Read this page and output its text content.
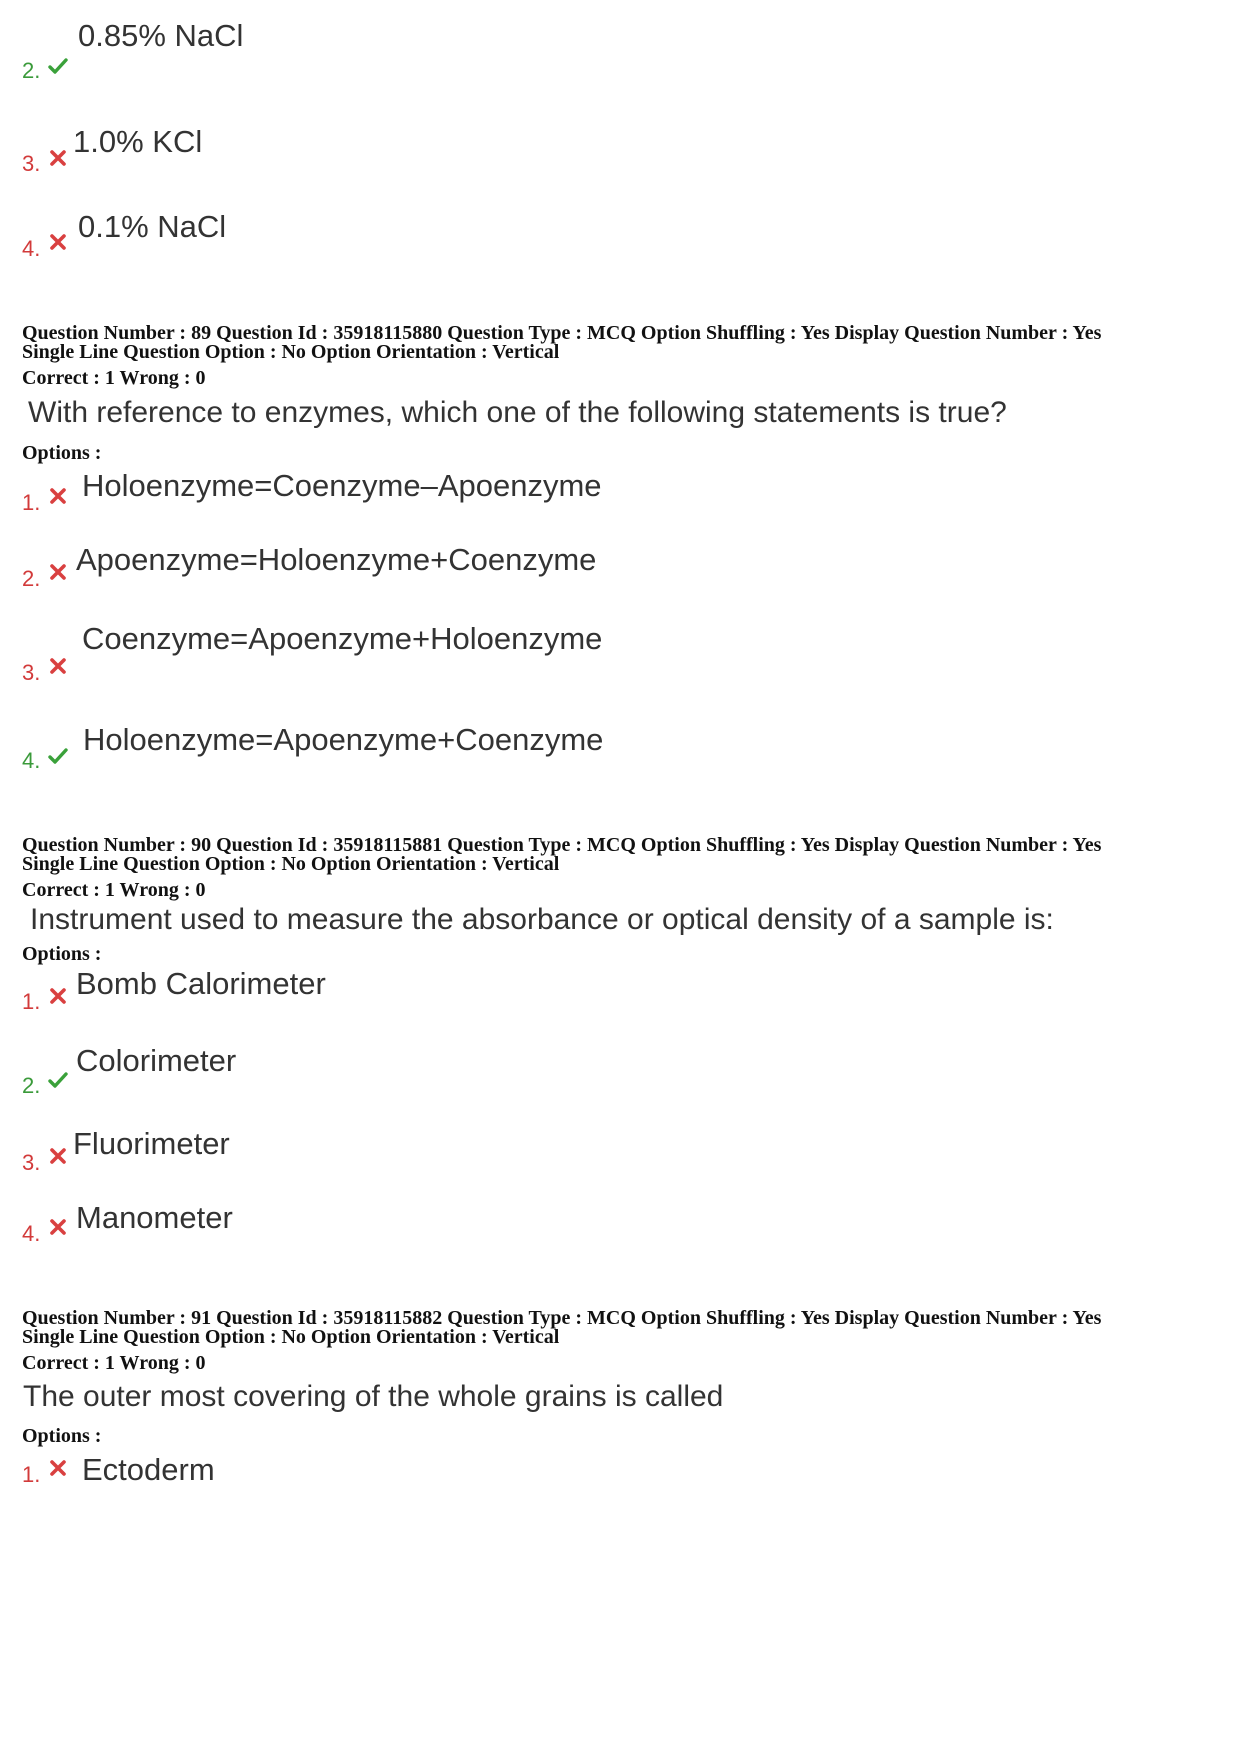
2.
0.85% NaCl
3.
1.0% KCl
4.
0.1% NaCl
Question Number : 89 Question Id : 35918115880 Question Type : MCQ Option Shuffling : Yes Display Question Number : Yes
Single Line Question Option : No Option Orientation : Vertical
Correct : 1 Wrong : 0
With reference to enzymes, which one of the following statements is true?
Options :
1. Holoenzyme=Coenzyme–Apoenzyme
2.
Apoenzyme=Holoenzyme+Coenzyme
3.
Coenzyme=Apoenzyme+Holoenzyme
4.
Holoenzyme=Apoenzyme+Coenzyme
Question Number : 90 Question Id : 35918115881 Question Type : MCQ Option Shuffling : Yes Display Question Number : Yes
Single Line Question Option : No Option Orientation : Vertical
Correct : 1 Wrong : 0
Instrument used to measure the absorbance or optical density of a sample is:
Options :
1.
Bomb Calorimeter
2.
Colorimeter
3.
Fluorimeter
4. Manometer
Question Number : 91 Question Id : 35918115882 Question Type : MCQ Option Shuffling : Yes Display Question Number : Yes
Single Line Question Option : No Option Orientation : Vertical
Correct : 1 Wrong : 0
The outer most covering of the whole grains is called
Options :
1. Ectoderm
